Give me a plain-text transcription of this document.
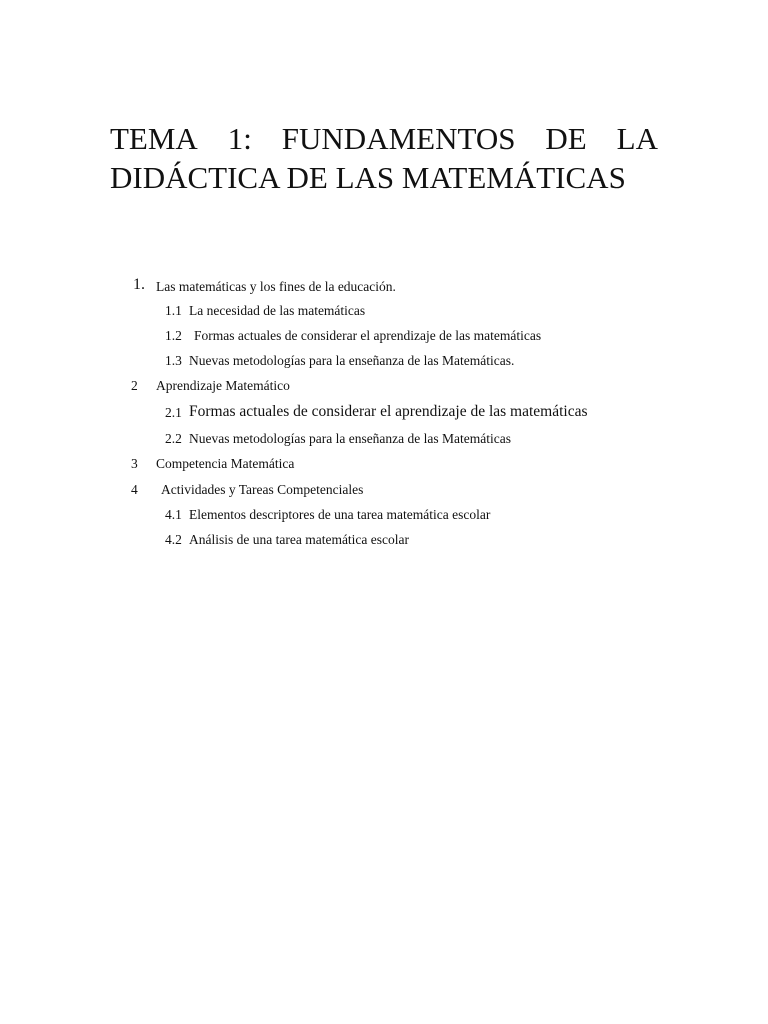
TEMA 1: FUNDAMENTOS DE LA
DIDÁCTICA DE LAS MATEMÁTICAS
1. Las matemáticas y los fines de la educación.
1.1 La necesidad de las matemáticas
1.2 Formas actuales de considerar el aprendizaje de las matemáticas
1.3 Nuevas metodologías para la enseñanza de las Matemáticas.
2 Aprendizaje Matemático
2.1 Formas actuales de considerar el aprendizaje de las matemáticas
2.2 Nuevas metodologías para la enseñanza de las Matemáticas
3 Competencia Matemática
4 Actividades y Tareas Competenciales
4.1 Elementos descriptores de una tarea matemática escolar
4.2 Análisis de una tarea matemática escolar
